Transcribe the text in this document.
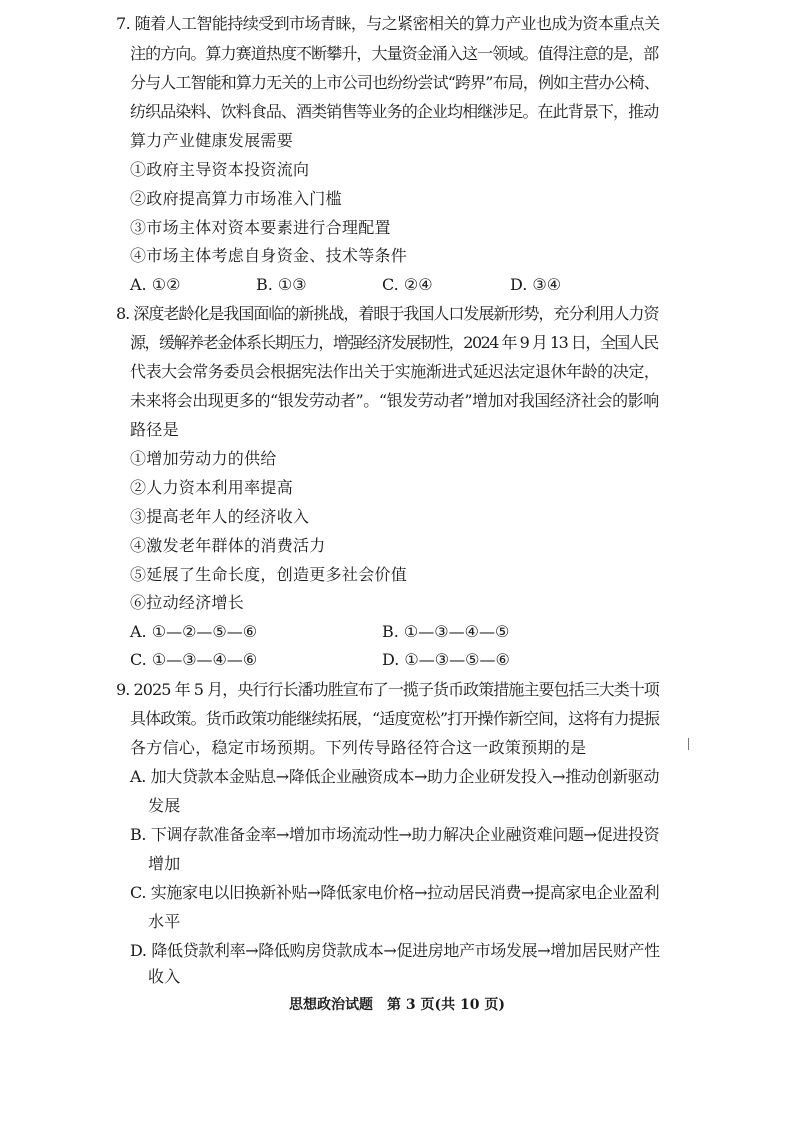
7. 随着人工智能持续受到市场青睐，与之紧密相关的算力产业也成为资本重点关
注的方向。算力赛道热度不断攀升，大量资金涌入这一领域。值得注意的是，部
分与人工智能和算力无关的上市公司也纷纷尝试“跨界”布局，例如主营办公椅、
纺织品染料、饮料食品、酒类销售等业务的企业均相继涉足。在此背景下，推动
算力产业健康发展需要
①政府主导资本投资流向
②政府提高算力市场准入门槛
③市场主体对资本要素进行合理配置
④市场主体考虑自身资金、技术等条件
A. ①②	B. ①③	C. ②④	D. ③④
8. 深度老龄化是我国面临的新挑战，着眼于我国人口发展新形势，充分利用人力资
源，缓解养老金体系长期压力，增强经济发展韧性，2024 年 9 月 13 日，全国人民
代表大会常务委员会根据宪法作出关于实施渐进式延迟法定退休年龄的决定，
未来将会出现更多的“银发劳动者”。“银发劳动者”增加对我国经济社会的影响
路径是
①增加劳动力的供给
②人力资本利用率提高
③提高老年人的经济收入
④激发老年群体的消费活力
⑤延展了生命长度，创造更多社会价值
⑥拉动经济增长
A. ①—②—⑤—⑥	B. ①—③—④—⑤
C. ①—③—④—⑥	D. ①—③—⑤—⑥
9. 2025 年 5 月，央行行长潘功胜宣布了一揽子货币政策措施主要包括三大类十项
具体政策。货币政策功能继续拓展，“适度宽松”打开操作新空间，这将有力提振
各方信心，稳定市场预期。下列传导路径符合这一政策预期的是
A. 加大贷款本金贴息→降低企业融资成本→助力企业研发投入→推动创新驱动
发展
B. 下调存款准备金率→增加市场流动性→助力解决企业融资难问题→促进投资
增加
C. 实施家电以旧换新补贴→降低家电价格→拉动居民消费→提高家电企业盈利
水平
D. 降低贷款利率→降低购房贷款成本→促进房地产市场发展→增加居民财产性
收入
思想政治试题　第 3 页(共 10 页)
